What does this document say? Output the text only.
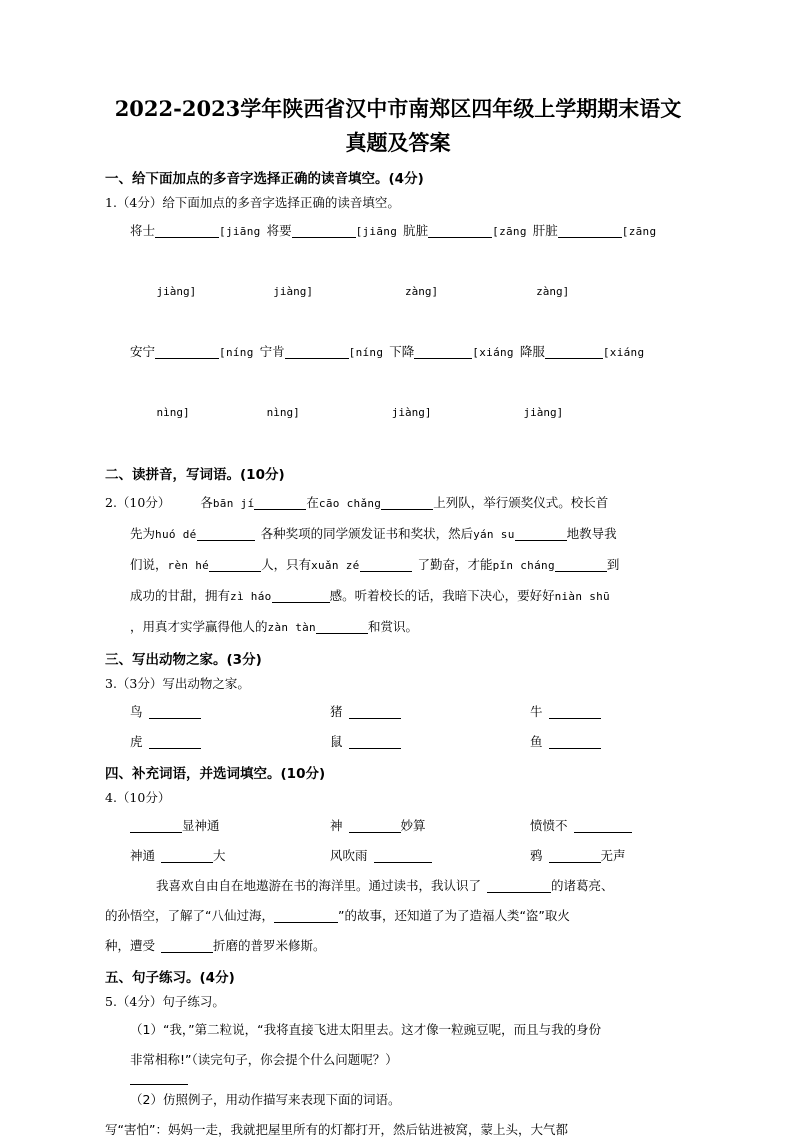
2022-2023学年陕西省汉中市南郑区四年级上学期期末语文
真题及答案
一、给下面加点的多音字选择正确的读音填空。(4分)
1.（4分）给下面加点的多音字选择正确的读音填空。
将士	[jiāng 将要	[jiāng 肮脏	[zāng 肝脏	[zāng

jiàng]	jiàng]	zàng]	zàng]

安宁	[níng 宁肯	[níng 下降	[xiáng 降服	[xiáng

nìng]	nìng]	jiàng]	jiàng]

二、读拼音，写词语。(10分)
2.（10分） 各bān jí	在cāo chǎng	上列队，举行颁奖仪式。校长首
先为huó dé	各种奖项的同学颁发证书和奖状，然后yán su	地教导我
们说，rèn hé	人，只有xuǎn zé	了勤奋，才能pǐn cháng	到
成功的甘甜，拥有zì háo	感。听着校长的话，我暗下决心，要好好niàn shū
，用真才实学赢得他人的zàn tàn	和赏识。
三、写出动物之家。(3分)
3.（3分）写出动物之家。
鸟	猪	牛
虎	鼠	鱼
四、补充词语，并选词填空。(10分)
4.（10分）
显神通	神	妙算	愤愤不
神通	大	风吹雨	鸦	无声
我喜欢自由自在地遨游在书的海洋里。通过读书，我认识了	的诸葛亮、
的孙悟空，了解了“八仙过海，	”的故事，还知道了为了造福人类“盗”取火
种，遭受	折磨的普罗米修斯。
五、句子练习。(4分)
5.（4分）句子练习。
（1）“我，”第二粒说，“我将直接飞进太阳里去。这才像一粒豌豆呢，而且与我的身份
非常相称!”（读完句子，你会提个什么问题呢？）
（2）仿照例子，用动作描写来表现下面的词语。
写“害怕”：妈妈一走，我就把屋里所有的灯都打开，然后钻进被窝，蒙上头，大气都
